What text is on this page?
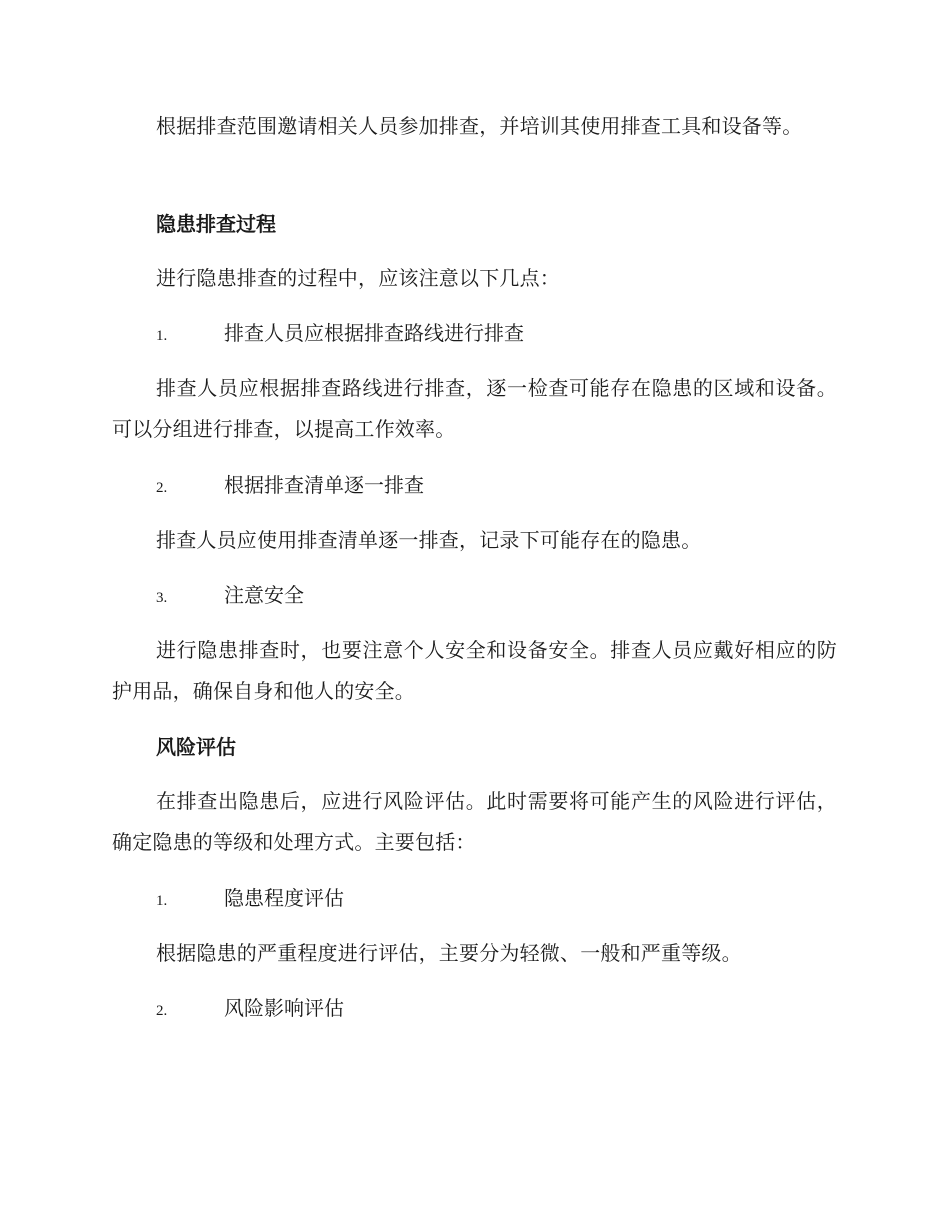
根据排查范围邀请相关人员参加排查，并培训其使用排查工具和设备等。

隐患排查过程

进行隐患排查的过程中，应该注意以下几点：

1.	排查人员应根据排查路线进行排查

排查人员应根据排查路线进行排查，逐一检查可能存在隐患的区域和设备。可以分组进行排查，以提高工作效率。

2.	根据排查清单逐一排查

排查人员应使用排查清单逐一排查，记录下可能存在的隐患。

3.	注意安全

进行隐患排查时，也要注意个人安全和设备安全。排查人员应戴好相应的防护用品，确保自身和他人的安全。

风险评估

在排查出隐患后，应进行风险评估。此时需要将可能产生的风险进行评估，确定隐患的等级和处理方式。主要包括：

1.	隐患程度评估

根据隐患的严重程度进行评估，主要分为轻微、一般和严重等级。

2.	风险影响评估
